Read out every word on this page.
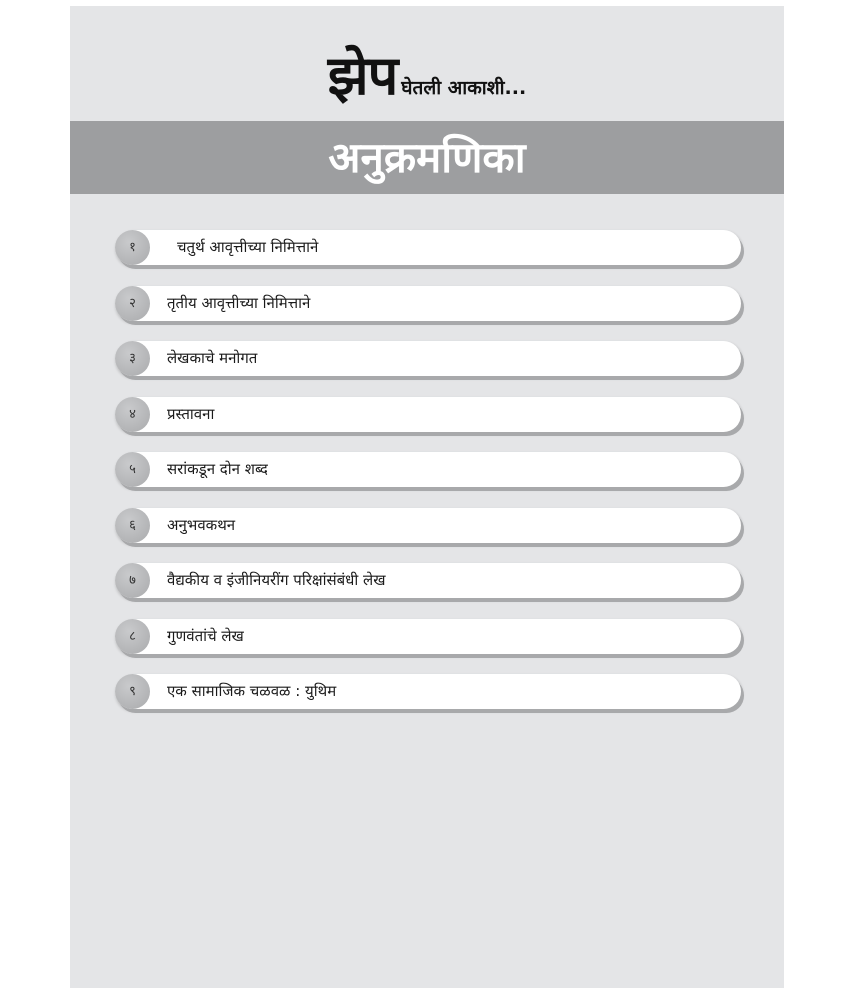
झेप घेतली आकाशी...
अनुक्रमणिका
१	चतुर्थ आवृत्तीच्या निमित्ताने
२	तृतीय आवृत्तीच्या निमित्ताने
३	लेखकाचे मनोगत
४	प्रस्तावना
५	सरांकडून दोन शब्द
६	अनुभवकथन
७	वैद्यकीय व इंजीनियरींग परिक्षांसंबंधी लेख
८	गुणवंतांचे लेख
९	एक सामाजिक चळवळ : युथिम
